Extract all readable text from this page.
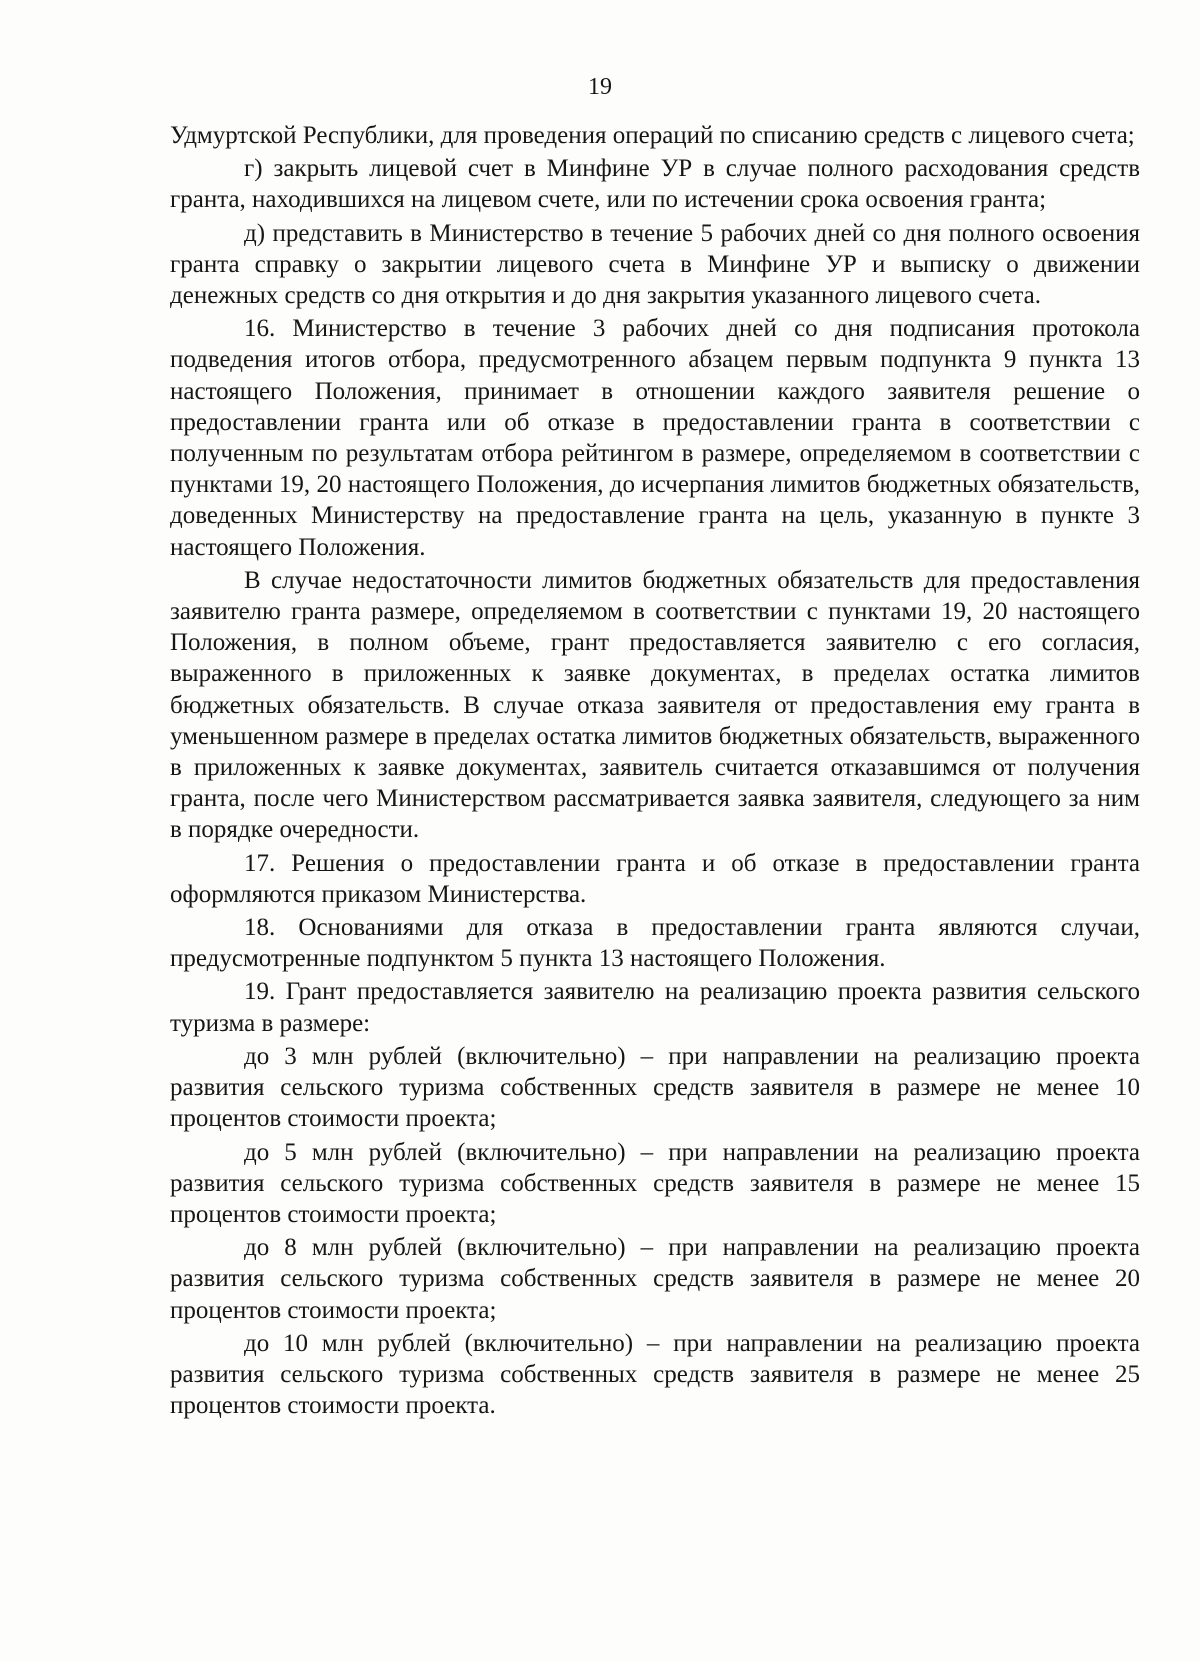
19

Удмуртской Республики, для проведения операций по списанию средств с лицевого счета;

г) закрыть лицевой счет в Минфине УР в случае полного расходования средств гранта, находившихся на лицевом счете, или по истечении срока освоения гранта;

д) представить в Министерство в течение 5 рабочих дней со дня полного освоения гранта справку о закрытии лицевого счета в Минфине УР и выписку о движении денежных средств со дня открытия и до дня закрытия указанного лицевого счета.

16. Министерство в течение 3 рабочих дней со дня подписания протокола подведения итогов отбора, предусмотренного абзацем первым подпункта 9 пункта 13 настоящего Положения, принимает в отношении каждого заявителя решение о предоставлении гранта или об отказе в предоставлении гранта в соответствии с полученным по результатам отбора рейтингом в размере, определяемом в соответствии с пунктами 19, 20 настоящего Положения, до исчерпания лимитов бюджетных обязательств, доведенных Министерству на предоставление гранта на цель, указанную в пункте 3 настоящего Положения.

В случае недостаточности лимитов бюджетных обязательств для предоставления заявителю гранта размере, определяемом в соответствии с пунктами 19, 20 настоящего Положения, в полном объеме, грант предоставляется заявителю с его согласия, выраженного в приложенных к заявке документах, в пределах остатка лимитов бюджетных обязательств. В случае отказа заявителя от предоставления ему гранта в уменьшенном размере в пределах остатка лимитов бюджетных обязательств, выраженного в приложенных к заявке документах, заявитель считается отказавшимся от получения гранта, после чего Министерством рассматривается заявка заявителя, следующего за ним в порядке очередности.

17. Решения о предоставлении гранта и об отказе в предоставлении гранта оформляются приказом Министерства.

18. Основаниями для отказа в предоставлении гранта являются случаи, предусмотренные подпунктом 5 пункта 13 настоящего Положения.

19. Грант предоставляется заявителю на реализацию проекта развития сельского туризма в размере:

до 3 млн рублей (включительно) – при направлении на реализацию проекта развития сельского туризма собственных средств заявителя в размере не менее 10 процентов стоимости проекта;

до 5 млн рублей (включительно) – при направлении на реализацию проекта развития сельского туризма собственных средств заявителя в размере не менее 15 процентов стоимости проекта;

до 8 млн рублей (включительно) – при направлении на реализацию проекта развития сельского туризма собственных средств заявителя в размере не менее 20 процентов стоимости проекта;

до 10 млн рублей (включительно) – при направлении на реализацию проекта развития сельского туризма собственных средств заявителя в размере не менее 25 процентов стоимости проекта.
